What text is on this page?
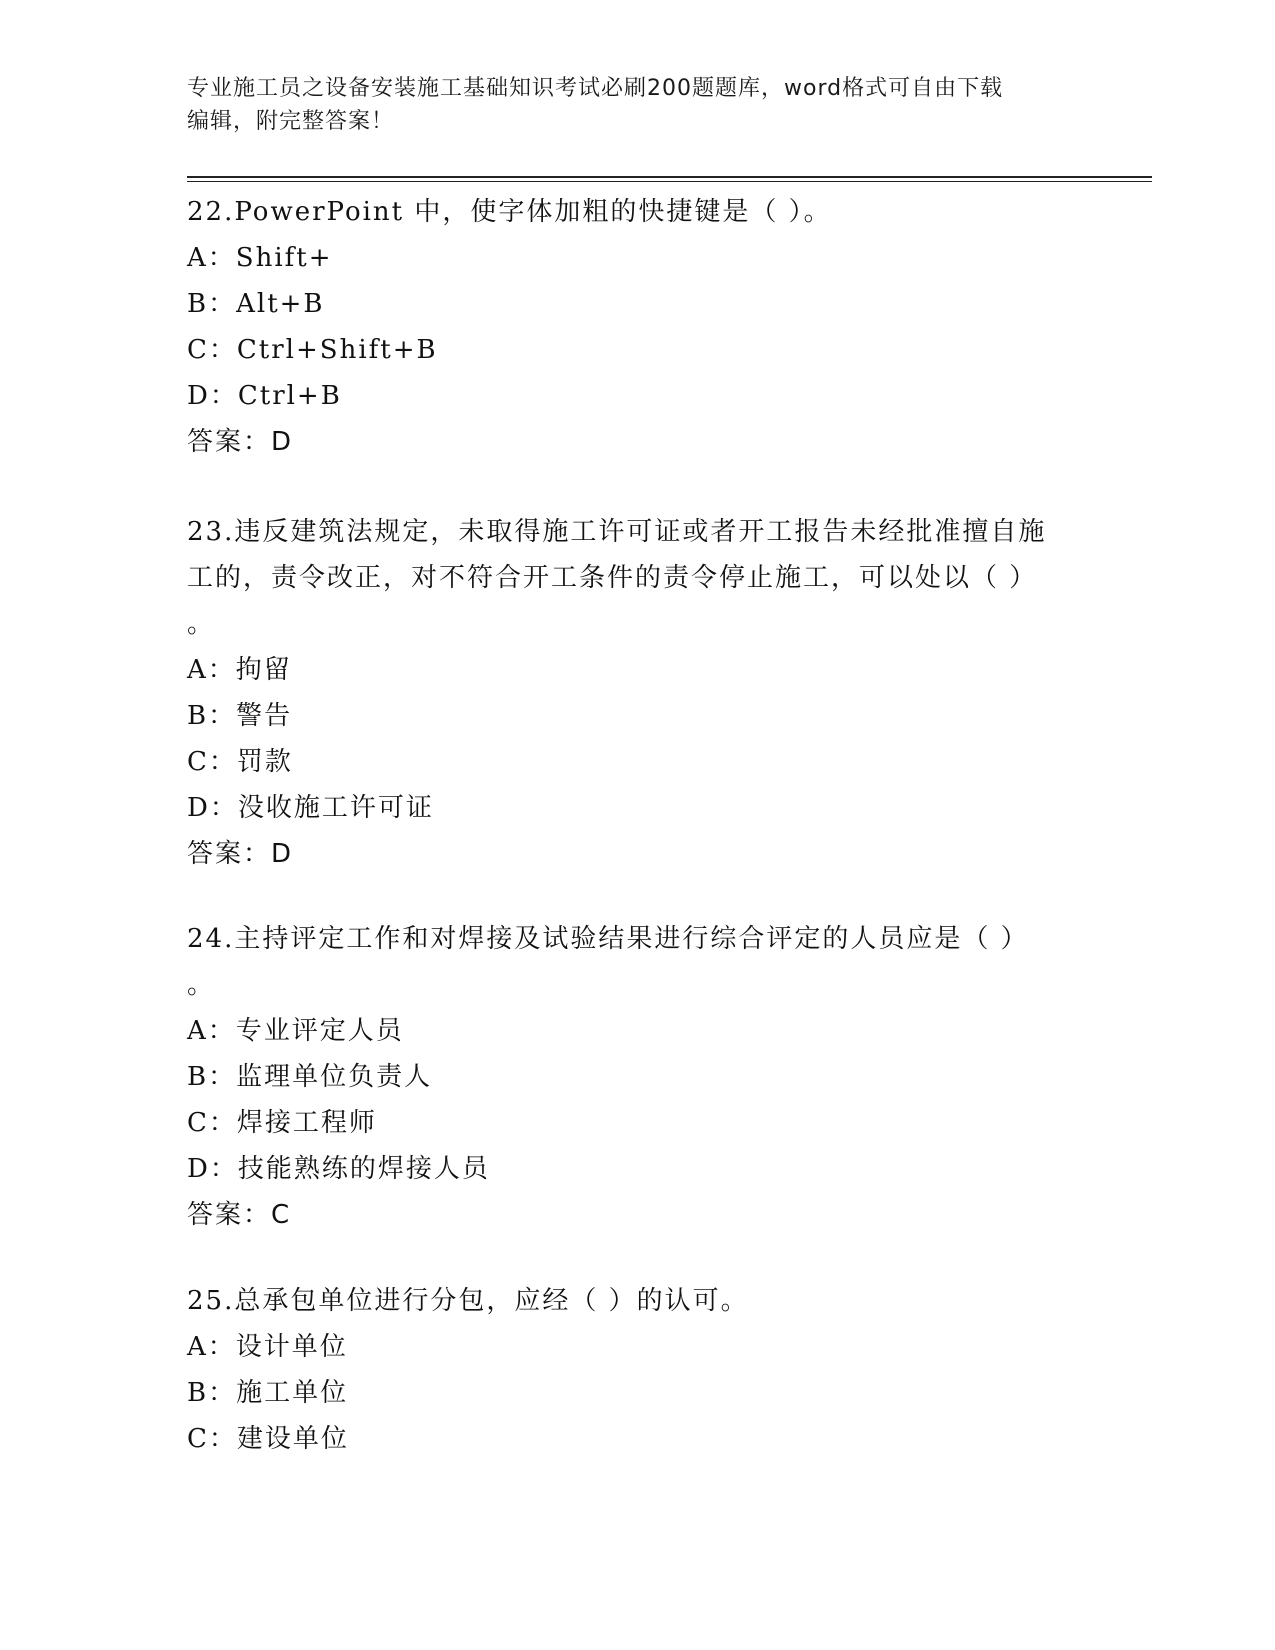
专业施工员之设备安装施工基础知识考试必刷200题题库，word格式可自由下载
编辑，附完整答案！
22.PowerPoint 中，使字体加粗的快捷键是（ ）。
A：Shift+
B：Alt+B
C：Ctrl+Shift+B
D：Ctrl+B
答案：D
23.违反建筑法规定，未取得施工许可证或者开工报告未经批准擅自施
工的，责令改正，对不符合开工条件的责令停止施工，可以处以（ ）
。
A：拘留
B：警告
C：罚款
D：没收施工许可证
答案：D
24.主持评定工作和对焊接及试验结果进行综合评定的人员应是（ ）
。
A：专业评定人员
B：监理单位负责人
C：焊接工程师
D：技能熟练的焊接人员
答案：C
25.总承包单位进行分包，应经（ ）的认可。
A：设计单位
B：施工单位
C：建设单位
